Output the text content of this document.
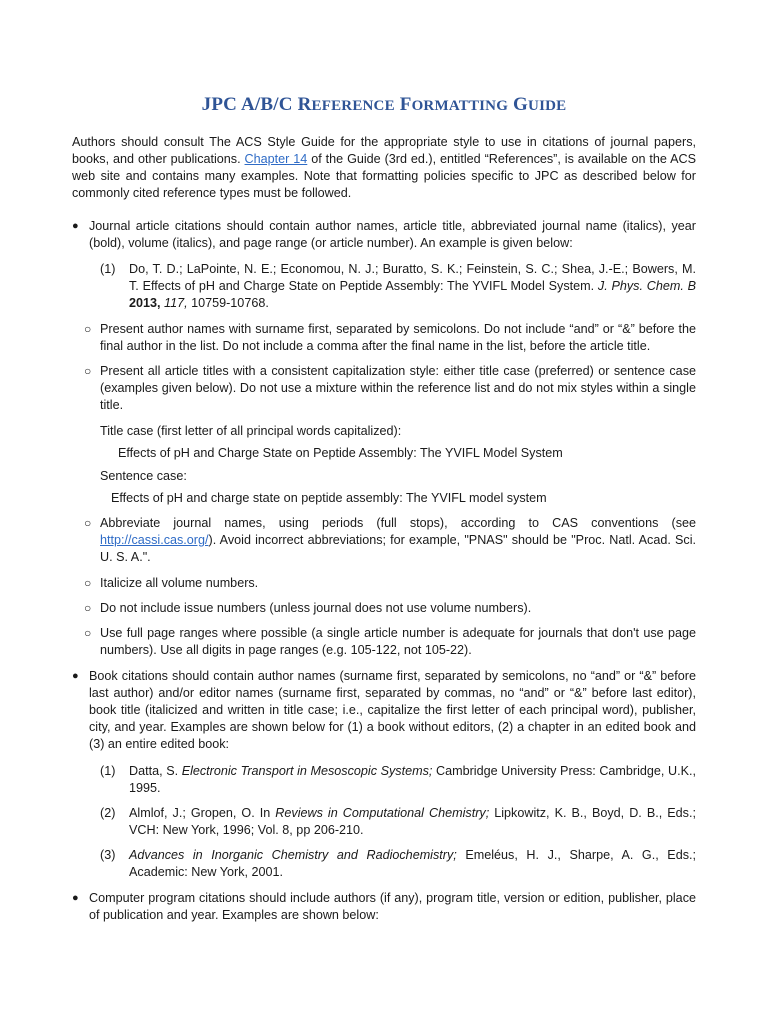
JPC A/B/C REFERENCE FORMATTING GUIDE

Authors should consult The ACS Style Guide for the appropriate style to use in citations of journal papers, books, and other publications. Chapter 14 of the Guide (3rd ed.), entitled “References”, is available on the ACS web site and contains many examples. Note that formatting policies specific to JPC as described below for commonly cited reference types must be followed.

● Journal article citations should contain author names, article title, abbreviated journal name (italics), year (bold), volume (italics), and page range (or article number). An example is given below:

(1) Do, T. D.; LaPointe, N. E.; Economou, N. J.; Buratto, S. K.; Feinstein, S. C.; Shea, J.-E.; Bowers, M. T. Effects of pH and Charge State on Peptide Assembly: The YVIFL Model System. J. Phys. Chem. B 2013, 117, 10759-10768.

○ Present author names with surname first, separated by semicolons. Do not include “and” or “&” before the final author in the list. Do not include a comma after the final name in the list, before the article title.

○ Present all article titles with a consistent capitalization style: either title case (preferred) or sentence case (examples given below). Do not use a mixture within the reference list and do not mix styles within a single title.

Title case (first letter of all principal words capitalized):
Effects of pH and Charge State on Peptide Assembly: The YVIFL Model System
Sentence case:
Effects of pH and charge state on peptide assembly: The YVIFL model system
○ Abbreviate journal names, using periods (full stops), according to CAS conventions (see http://cassi.cas.org/). Avoid incorrect abbreviations; for example, "PNAS" should be "Proc. Natl. Acad. Sci. U. S. A.".

○ Italicize all volume numbers.

○ Do not include issue numbers (unless journal does not use volume numbers).

○ Use full page ranges where possible (a single article number is adequate for journals that don't use page numbers). Use all digits in page ranges (e.g. 105-122, not 105-22).

● Book citations should contain author names (surname first, separated by semicolons, no “and” or “&” before last author) and/or editor names (surname first, separated by commas, no “and” or “&” before last editor), book title (italicized and written in title case; i.e., capitalize the first letter of each principal word), publisher, city, and year. Examples are shown below for (1) a book without editors, (2) a chapter in an edited book and (3) an entire edited book:

(1) Datta, S. Electronic Transport in Mesoscopic Systems; Cambridge University Press: Cambridge, U.K., 1995.

(2) Almlof, J.; Gropen, O. In Reviews in Computational Chemistry; Lipkowitz, K. B., Boyd, D. B., Eds.; VCH: New York, 1996; Vol. 8, pp 206-210.

(3) Advances in Inorganic Chemistry and Radiochemistry; Emeléus, H. J., Sharpe, A. G., Eds.; Academic: New York, 2001.

● Computer program citations should include authors (if any), program title, version or edition, publisher, place of publication and year. Examples are shown below:
